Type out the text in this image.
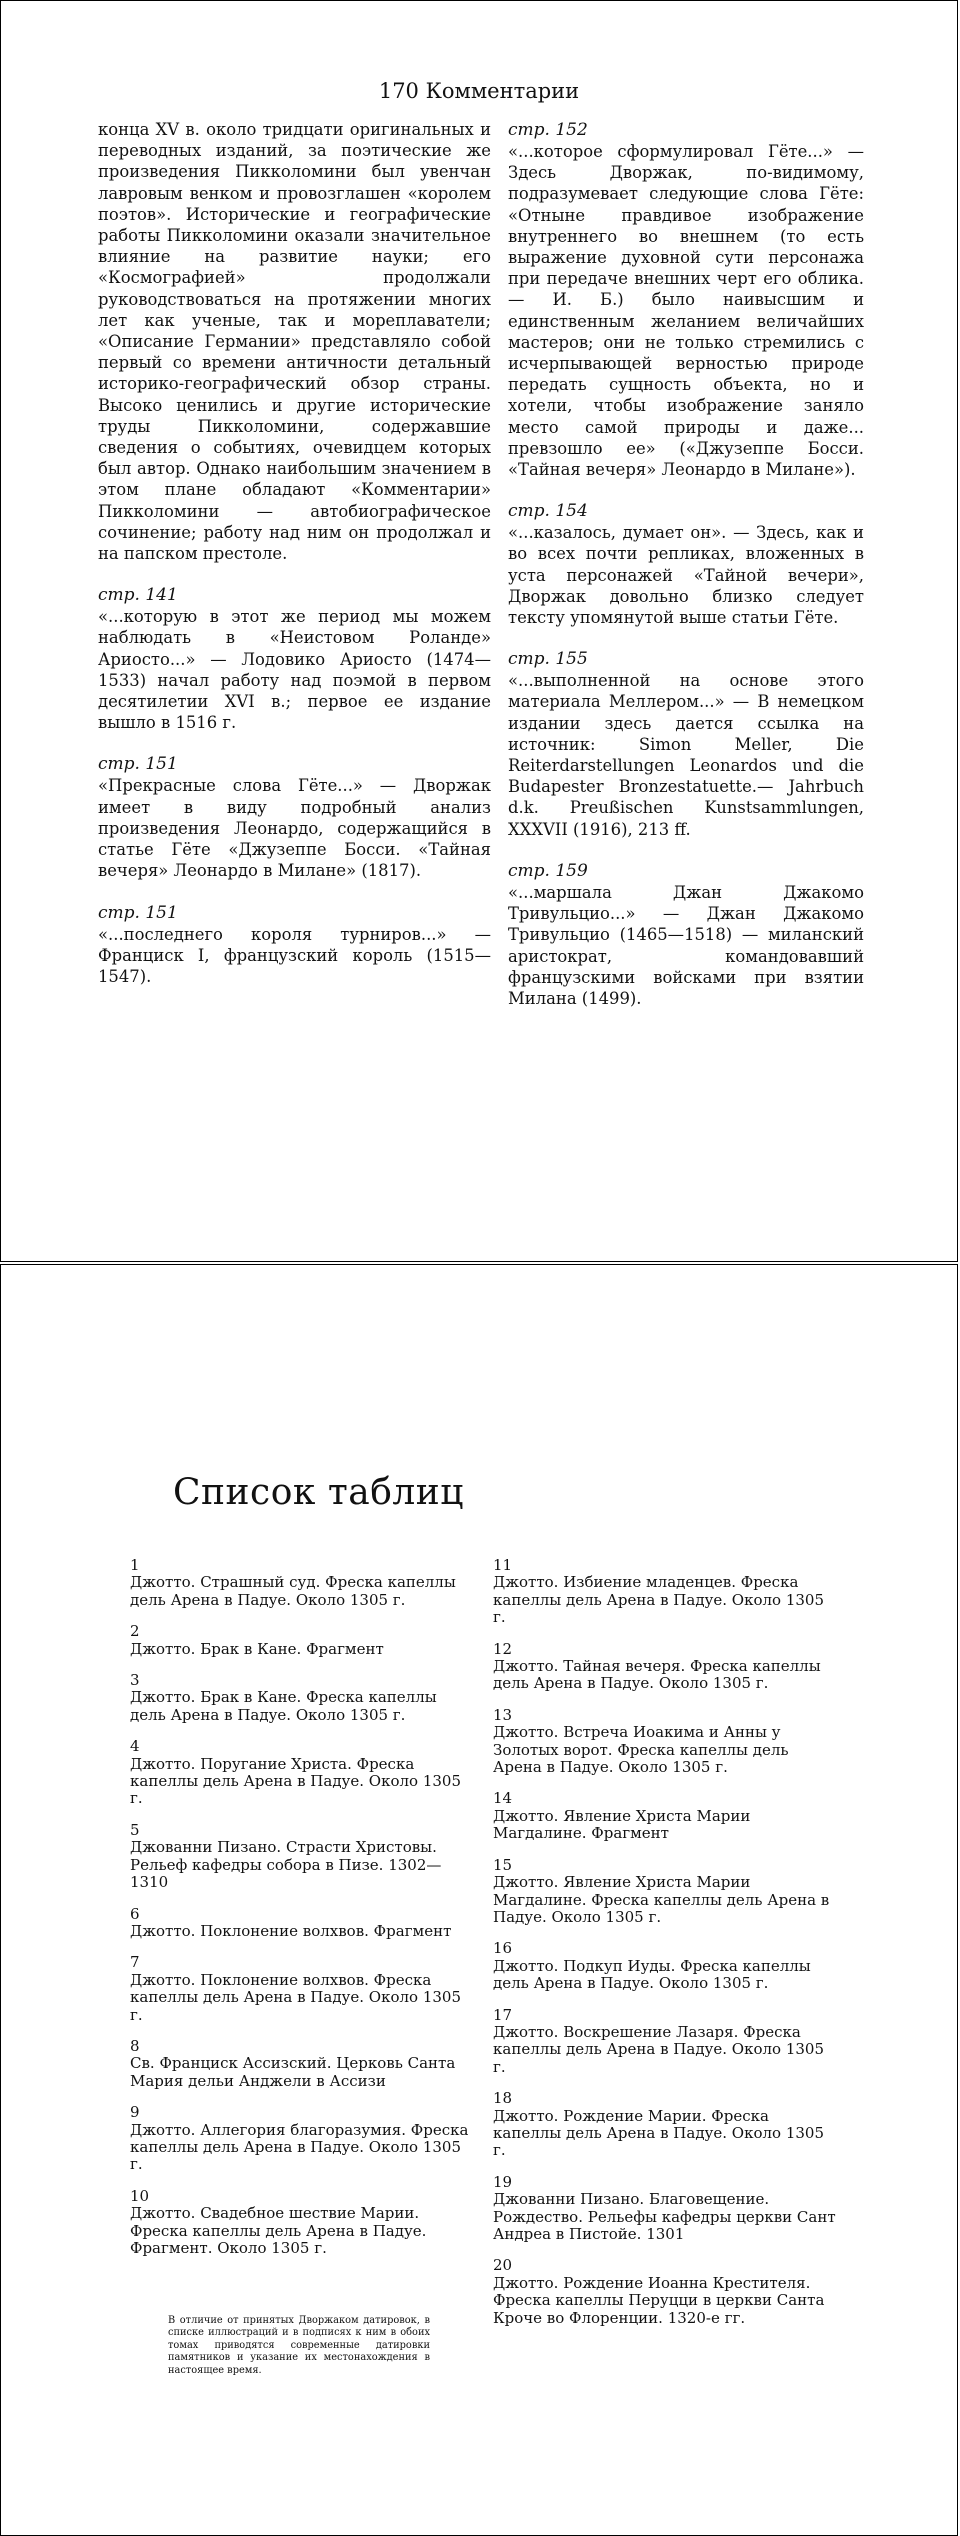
170 Комментарии

конца XV в. около тридцати оригинальных и переводных изданий, за поэтические же произведения Пикколомини был увенчан лавровым венком и провозглашен «королем поэтов». Исторические и географические работы Пикколомини оказали значительное влияние на развитие науки; его «Космографией» продолжали руководствоваться на протяжении многих лет как ученые, так и мореплаватели; «Описание Германии» представляло собой первый со времени античности детальный историко-географический обзор страны. Высоко ценились и другие исторические труды Пикколомини, содержавшие сведения о событиях, очевидцем которых был автор. Однако наибольшим значением в этом плане обладают «Комментарии» Пикколомини — автобиографическое сочинение; работу над ним он продолжал и на папском престоле.

стр. 141

«...которую в этот же период мы можем наблюдать в «Неистовом Роланде» Ариосто...» — Лодовико Ариосто (1474—1533) начал работу над поэмой в первом десятилетии XVI в.; первое ее издание вышло в 1516 г.

стр. 151

«Прекрасные слова Гёте...» — Дворжак имеет в виду подробный анализ произведения Леонардо, содержащийся в статье Гёте «Джузеппе Босси. «Тайная вечеря» Леонардо в Милане» (1817).

стр. 151

«...последнего короля турниров...» — Франциск I, французский король (1515—1547).

стр. 152

«...которое сформулировал Гёте...» — Здесь Дворжак, по-видимому, подразумевает следующие слова Гёте: «Отныне правдивое изображение внутреннего во внешнем (то есть выражение духовной сути персонажа при передаче внешних черт его облика. — И. Б.) было наивысшим и единственным желанием величайших мастеров; они не только стремились с исчерпывающей верностью природе передать сущность объекта, но и хотели, чтобы изображение заняло место самой природы и даже... превзошло ее» («Джузеппе Босси. «Тайная вечеря» Леонардо в Милане»).

стр. 154

«...казалось, думает он». — Здесь, как и во всех почти репликах, вложенных в уста персонажей «Тайной вечери», Дворжак довольно близко следует тексту упомянутой выше статьи Гёте.

стр. 155

«...выполненной на основе этого материала Меллером...» — В немецком издании здесь дается ссылка на источник: Simon Meller, Die Reiterdarstellungen Leonardos und die Budapester Bronzestatuette.— Jahrbuch d.k. Preußischen Kunstsammlungen, XXXVII (1916), 213 ff.

стр. 159

«...маршала Джан Джакомо Тривульцио...» — Джан Джакомо Тривульцио (1465—1518) — миланский аристократ, командовавший французскими войсками при взятии Милана (1499).

Список таблиц
1
Джотто. Страшный суд. Фреска капеллы дель Арена в Падуе. Около 1305 г.
2
Джотто. Брак в Кане. Фрагмент
3
Джотто. Брак в Кане. Фреска капеллы дель Арена в Падуе. Около 1305 г.
4
Джотто. Поругание Христа. Фреска капеллы дель Арена в Падуе. Около 1305 г.
5
Джованни Пизано. Страсти Христовы. Рельеф кафедры собора в Пизе. 1302—1310
6
Джотто. Поклонение волхвов. Фрагмент
7
Джотто. Поклонение волхвов. Фреска капеллы дель Арена в Падуе. Около 1305 г.
8
Св. Франциск Ассизский. Церковь Санта Мария дельи Анджели в Ассизи
9
Джотто. Аллегория благоразумия. Фреска капеллы дель Арена в Падуе. Около 1305 г.
10
Джотто. Свадебное шествие Марии. Фреска капеллы дель Арена в Падуе. Фрагмент. Около 1305 г.
11
Джотто. Избиение младенцев. Фреска капеллы дель Арена в Падуе. Около 1305 г.
12
Джотто. Тайная вечеря. Фреска капеллы дель Арена в Падуе. Около 1305 г.
13
Джотто. Встреча Иоакима и Анны у Золотых ворот. Фреска капеллы дель Арена в Падуе. Около 1305 г.
14
Джотто. Явление Христа Марии Магдалине. Фрагмент
15
Джотто. Явление Христа Марии Магдалине. Фреска капеллы дель Арена в Падуе. Около 1305 г.
16
Джотто. Подкуп Иуды. Фреска капеллы дель Арена в Падуе. Около 1305 г.
17
Джотто. Воскрешение Лазаря. Фреска капеллы дель Арена в Падуе. Около 1305 г.
18
Джотто. Рождение Марии. Фреска капеллы дель Арена в Падуе. Около 1305 г.
19
Джованни Пизано. Благовещение. Рождество. Рельефы кафедры церкви Сант Андреа в Пистойе. 1301
20
Джотто. Рождение Иоанна Крестителя. Фреска капеллы Перуцци в церкви Санта Кроче во Флоренции. 1320-е гг.
В отличие от принятых Дворжаком датировок, в списке иллюстраций и в подписях к ним в обоих томах приводятся современные датировки памятников и указание их местонахождения в настоящее время.
